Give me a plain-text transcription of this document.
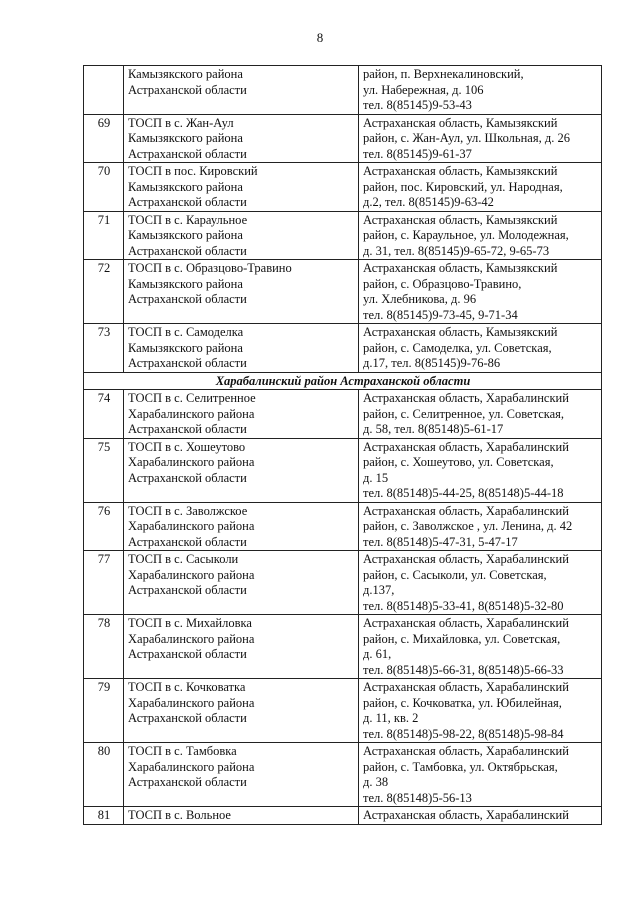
8

	Камызякского района
Астраханской области	район, п. Верхнекалиновский,
ул. Набережная, д. 106
тел. 8(85145)9-53-43

69	ТОСП в с. Жан-Аул
Камызякского района
Астраханской области	Астраханская область, Камызякский
район, с. Жан-Аул, ул. Школьная, д. 26
тел. 8(85145)9-61-37

70	ТОСП в пос. Кировский
Камызякского района
Астраханской области	Астраханская область, Камызякский
район, пос. Кировский, ул. Народная,
д.2, тел. 8(85145)9-63-42

71	ТОСП в с. Караульное
Камызякского района
Астраханской области	Астраханская область, Камызякский
район, с. Караульное, ул. Молодежная,
д. 31, тел. 8(85145)9-65-72, 9-65-73

72	ТОСП в с. Образцово-Травино
Камызякского района
Астраханской области	Астраханская область, Камызякский
район, с. Образцово-Травино,
ул. Хлебникова, д. 96
тел. 8(85145)9-73-45, 9-71-34

73	ТОСП в с. Самоделка
Камызякского района
Астраханской области	Астраханская область, Камызякский
район, с. Самоделка, ул. Советская,
д.17, тел. 8(85145)9-76-86

Харабалинский район Астраханской области		
74	ТОСП в с. Селитренное
Харабалинского района
Астраханской области	Астраханская область, Харабалинский
район, с. Селитренное, ул. Советская,
д. 58, тел. 8(85148)5-61-17

75	ТОСП в с. Хошеутово
Харабалинского района
Астраханской области	Астраханская область, Харабалинский
район, с. Хошеутово, ул. Советская,
д. 15
тел. 8(85148)5-44-25, 8(85148)5-44-18

76	ТОСП в с. Заволжское
Харабалинского района
Астраханской области	Астраханская область, Харабалинский
район, с. Заволжское , ул. Ленина, д. 42
тел. 8(85148)5-47-31, 5-47-17

77	ТОСП в с. Сасыколи
Харабалинского района
Астраханской области	Астраханская область, Харабалинский
район, с. Сасыколи, ул. Советская,
д.137,
тел. 8(85148)5-33-41, 8(85148)5-32-80

78	ТОСП в с. Михайловка
Харабалинского района
Астраханской области	Астраханская область, Харабалинский
район, с. Михайловка, ул. Советская,
д. 61,
тел. 8(85148)5-66-31, 8(85148)5-66-33

79	ТОСП в с. Кочковатка
Харабалинского района
Астраханской области	Астраханская область, Харабалинский
район, с. Кочковатка, ул. Юбилейная,
д. 11, кв. 2
тел. 8(85148)5-98-22, 8(85148)5-98-84

80	ТОСП в с. Тамбовка
Харабалинского района
Астраханской области	Астраханская область, Харабалинский
район, с. Тамбовка, ул. Октябрьская,
д. 38
тел. 8(85148)5-56-13

81	ТОСП в с. Вольное	Астраханская область, Харабалинский
